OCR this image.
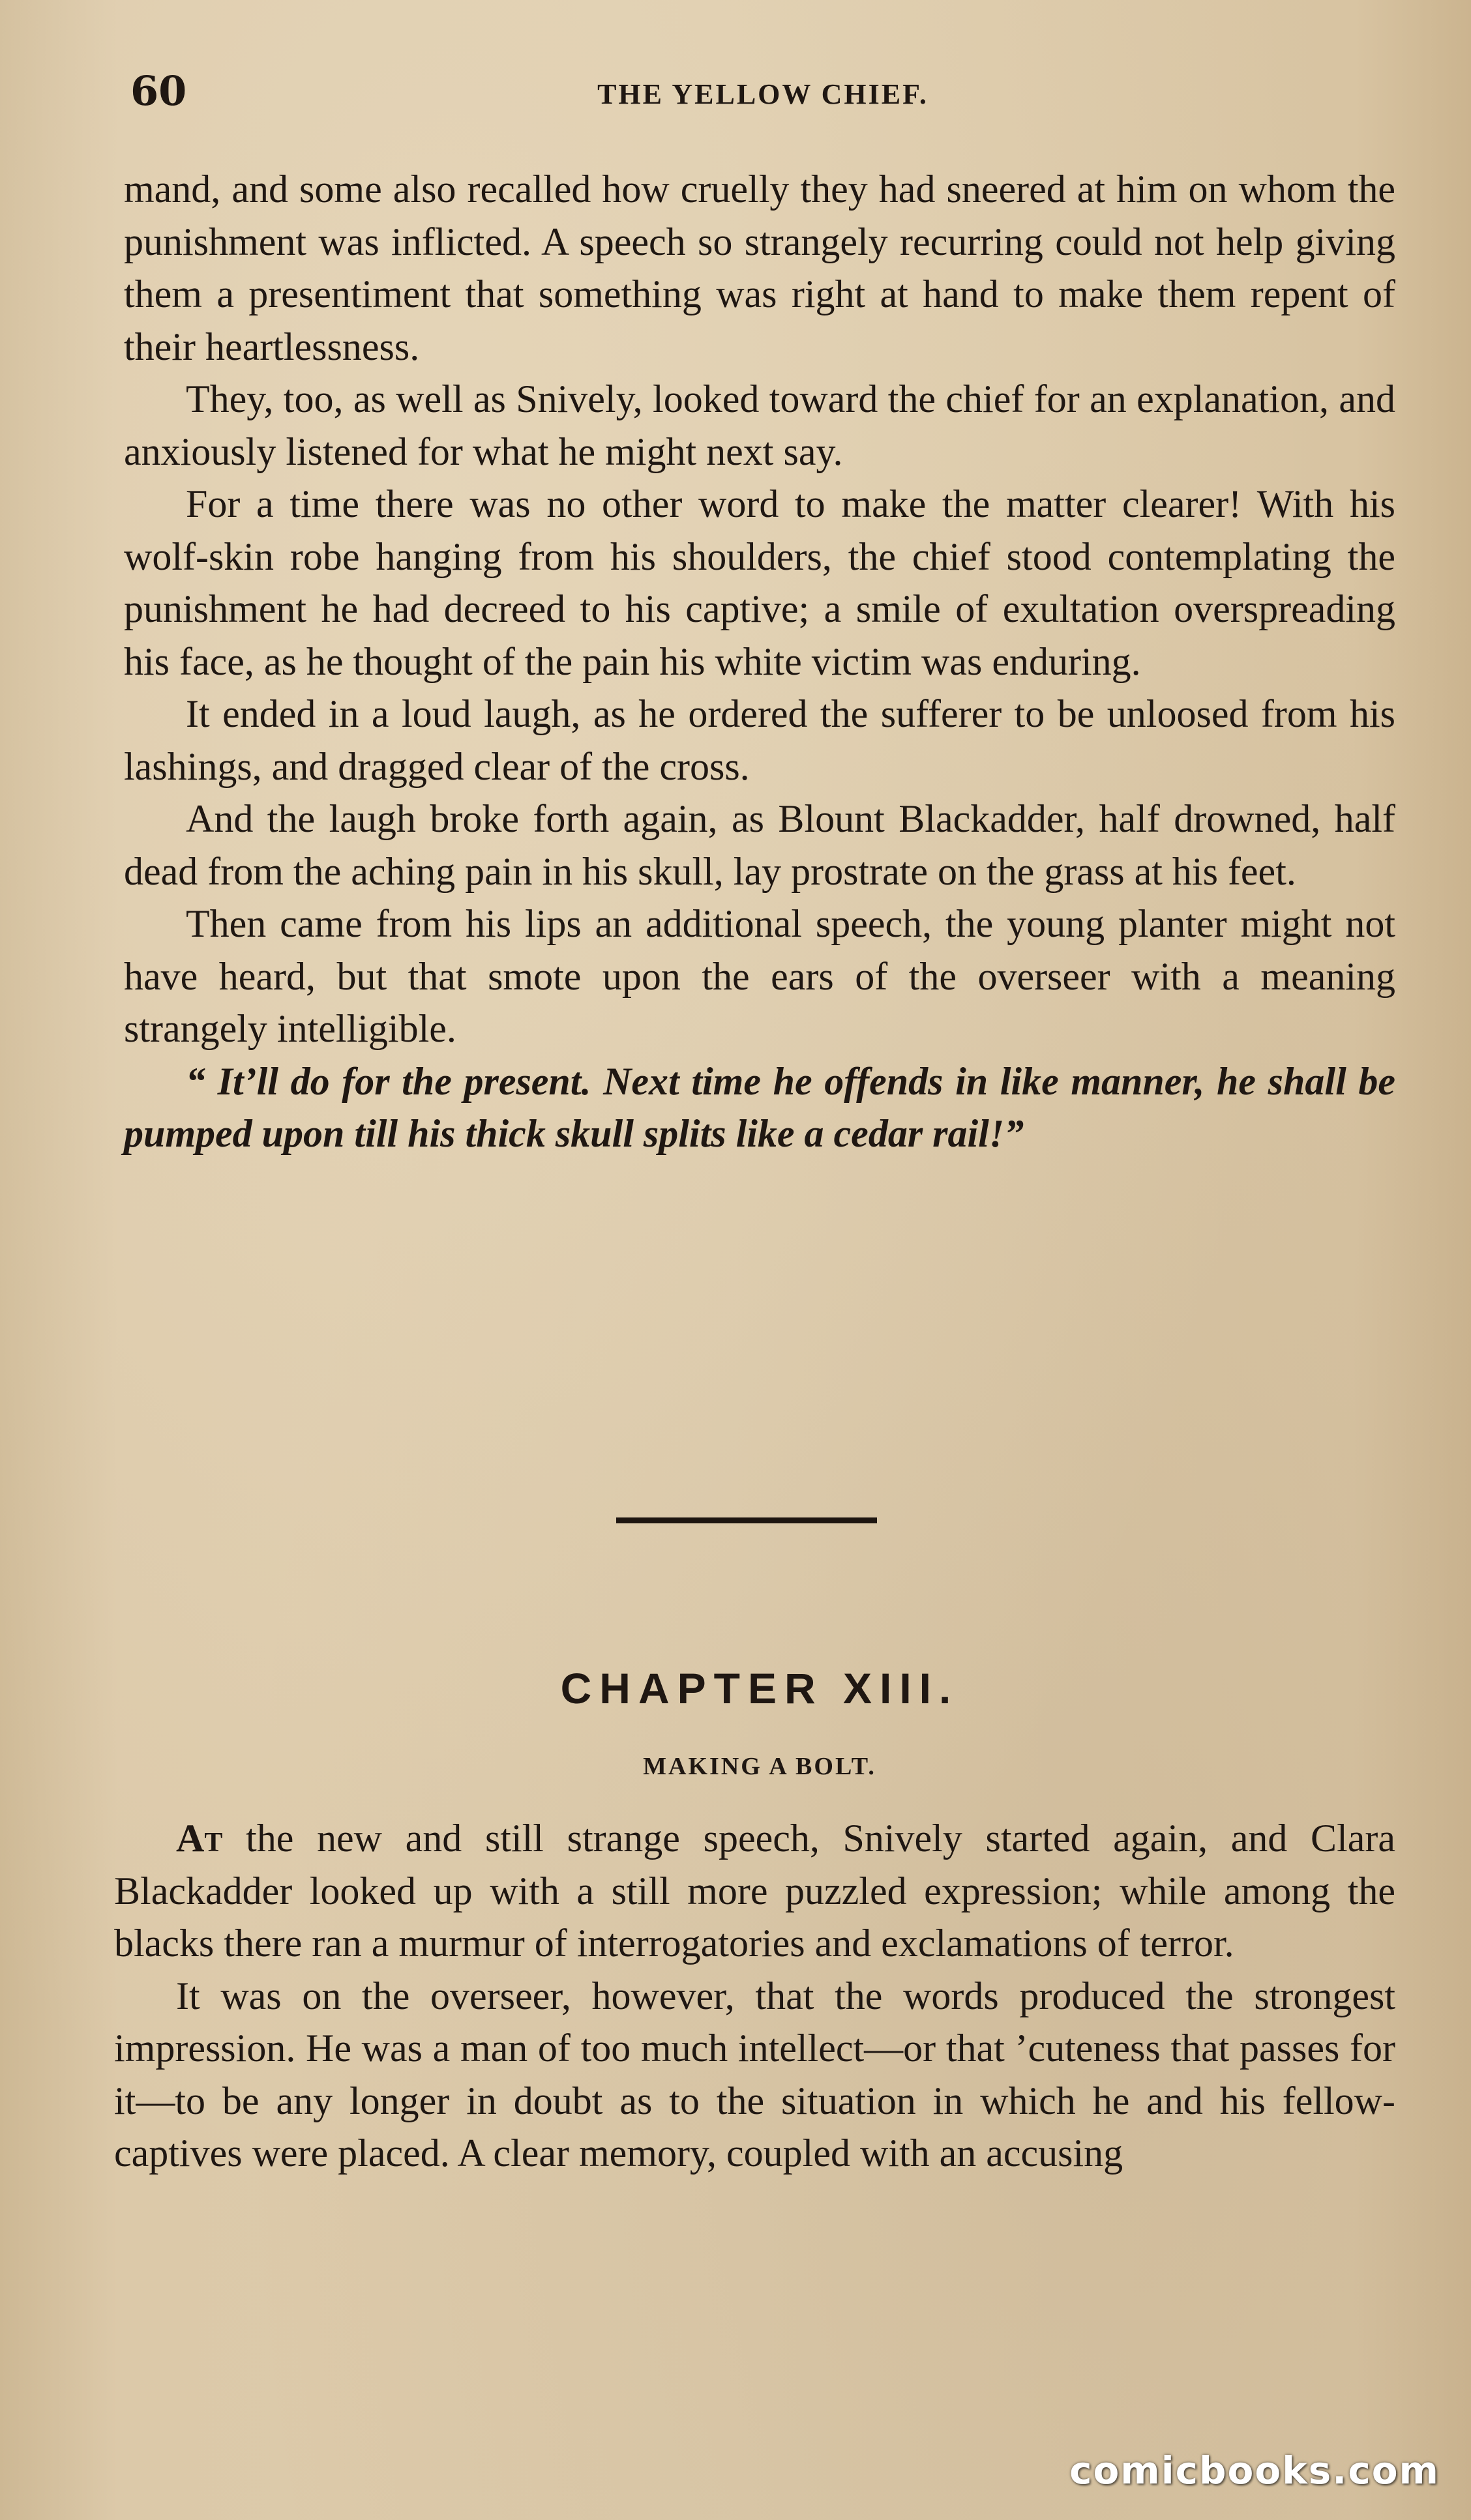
60	THE YELLOW CHIEF.

mand, and some also recalled how cruelly they had sneered at him on whom the punishment was inflicted. A speech so strangely recurring could not help giving them a presentiment that something was right at hand to make them repent of their heartlessness.

They, too, as well as Snively, looked toward the chief for an explanation, and anxiously listened for what he might next say.

For a time there was no other word to make the matter clearer! With his wolf-skin robe hanging from his shoulders, the chief stood contemplating the punishment he had decreed to his captive; a smile of exultation overspreading his face, as he thought of the pain his white victim was enduring.

It ended in a loud laugh, as he ordered the sufferer to be unloosed from his lashings, and dragged clear of the cross.

And the laugh broke forth again, as Blount Blackadder, half drowned, half dead from the aching pain in his skull, lay prostrate on the grass at his feet.

Then came from his lips an additional speech, the young planter might not have heard, but that smote upon the ears of the overseer with a meaning strangely intelligible.

“ It’ll do for the present. Next time he offends in like manner, he shall be pumped upon till his thick skull splits like a cedar rail!”

CHAPTER XIII.
MAKING A BOLT.

At the new and still strange speech, Snively started again, and Clara Blackadder looked up with a still more puzzled expression; while among the blacks there ran a murmur of interrogatories and exclamations of terror.

It was on the overseer, however, that the words produced the strongest impression. He was a man of too much intellect—or that ’cuteness that passes for it—to be any longer in doubt as to the situation in which he and his fellow-captives were placed. A clear memory, coupled with an accusing

comicbooks.com
